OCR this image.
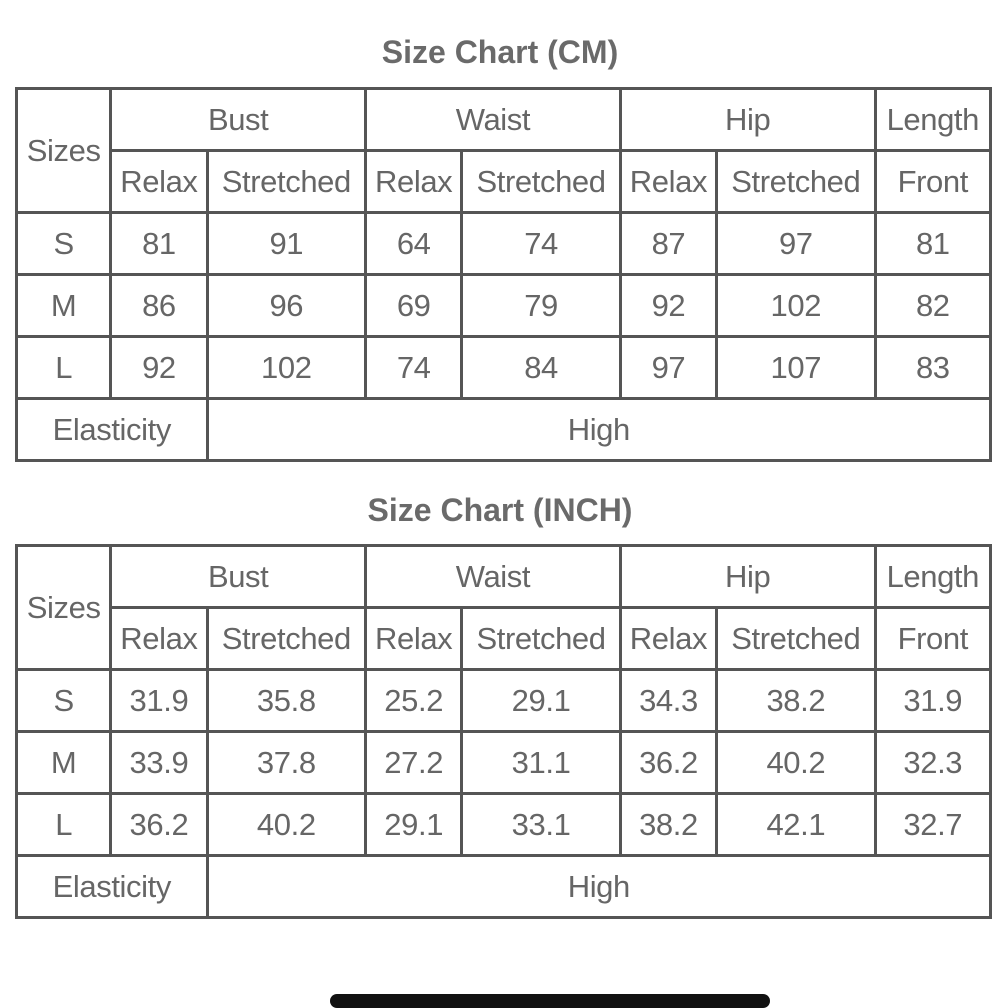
Size Chart (CM)
Sizes	Bust		Waist		Hip		Length
	Relax	Stretched	Relax	Stretched	Relax	Stretched	Front
S	81	91	64	74	87	97	81
M	86	96	69	79	92	102	82
L	92	102	74	84	97	107	83
Elasticity		High					
Size Chart (INCH)
Sizes	Bust		Waist		Hip		Length
	Relax	Stretched	Relax	Stretched	Relax	Stretched	Front
S	31.9	35.8	25.2	29.1	34.3	38.2	31.9
M	33.9	37.8	27.2	31.1	36.2	40.2	32.3
L	36.2	40.2	29.1	33.1	38.2	42.1	32.7
Elasticity		High					
